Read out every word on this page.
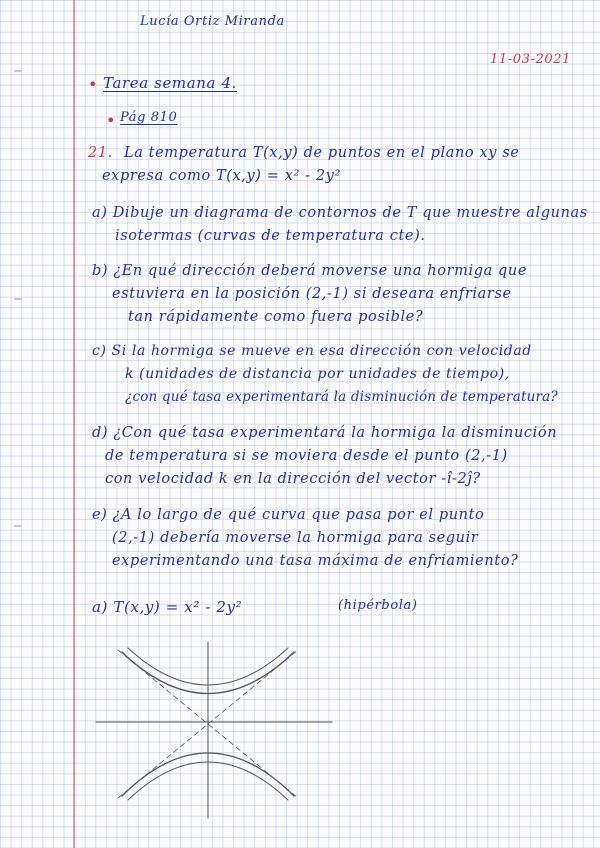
Lucía Ortiz Miranda
11-03-2021
• Tarea semana 4.
• Pág 810
21. La temperatura T(x,y) de puntos en el plano xy se
expresa como T(x,y) = x² - 2y²
a) Dibuje un diagrama de contornos de T que muestre algunas
isotermas (curvas de temperatura cte).
b) ¿En qué dirección deberá moverse una hormiga que
estuviera en la posición (2,-1) si deseara enfriarse
tan rápidamente como fuera posible?
c) Si la hormiga se mueve en esa dirección con velocidad
k (unidades de distancia por unidades de tiempo),
¿con qué tasa experimentará la disminución de temperatura?
d) ¿Con qué tasa experimentará la hormiga la disminución
de temperatura si se moviera desde el punto (2,-1)
con velocidad k en la dirección del vector -î-2ĵ?
e) ¿A lo largo de qué curva que pasa por el punto
(2,-1) debería moverse la hormiga para seguir
experimentando una tasa máxima de enfriamiento?
a) T(x,y) = x² - 2y²	(hipérbola)
